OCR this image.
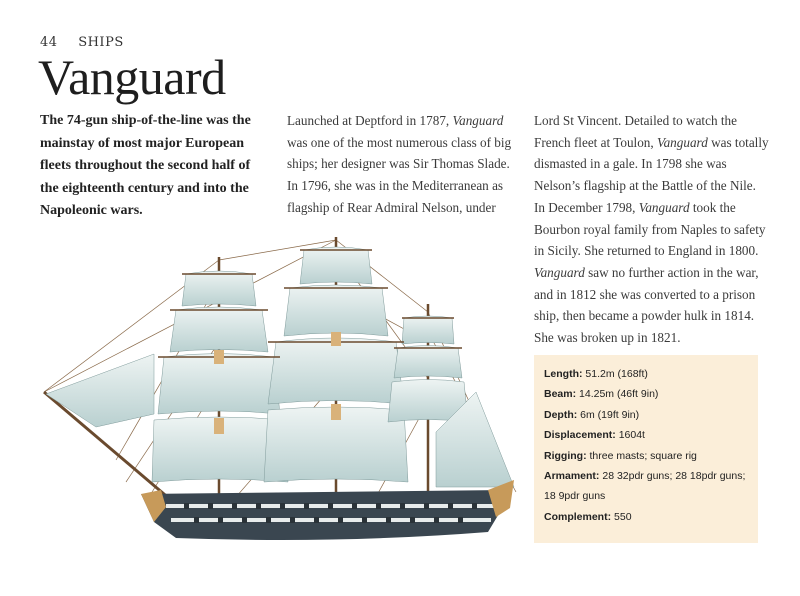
44 SHIPS
Vanguard
The 74-gun ship-of-the-line was the mainstay of most major European fleets throughout the second half of the eighteenth century and into the Napoleonic wars.
Launched at Deptford in 1787, Vanguard
was one of the most numerous class of big
ships; her designer was Sir Thomas Slade.
In 1796, she was in the Mediterranean as
flagship of Rear Admiral Nelson, under
Lord St Vincent. Detailed to watch the
French fleet at Toulon, Vanguard was totally
dismasted in a gale. In 1798 she was
Nelson’s flagship at the Battle of the Nile.
In December 1798, Vanguard took the
Bourbon royal family from Naples to safety
in Sicily. She returned to England in 1800.
Vanguard saw no further action in the war,
and in 1812 she was converted to a prison
ship, then became a powder hulk in 1814.
She was broken up in 1821.
Length: 51.2m (168ft)
Beam: 14.25m (46ft 9in)
Depth: 6m (19ft 9in)
Displacement: 1604t
Rigging: three masts; square rig
Armament: 28 32pdr guns; 28 18pdr guns;
18 9pdr guns
Complement: 550
